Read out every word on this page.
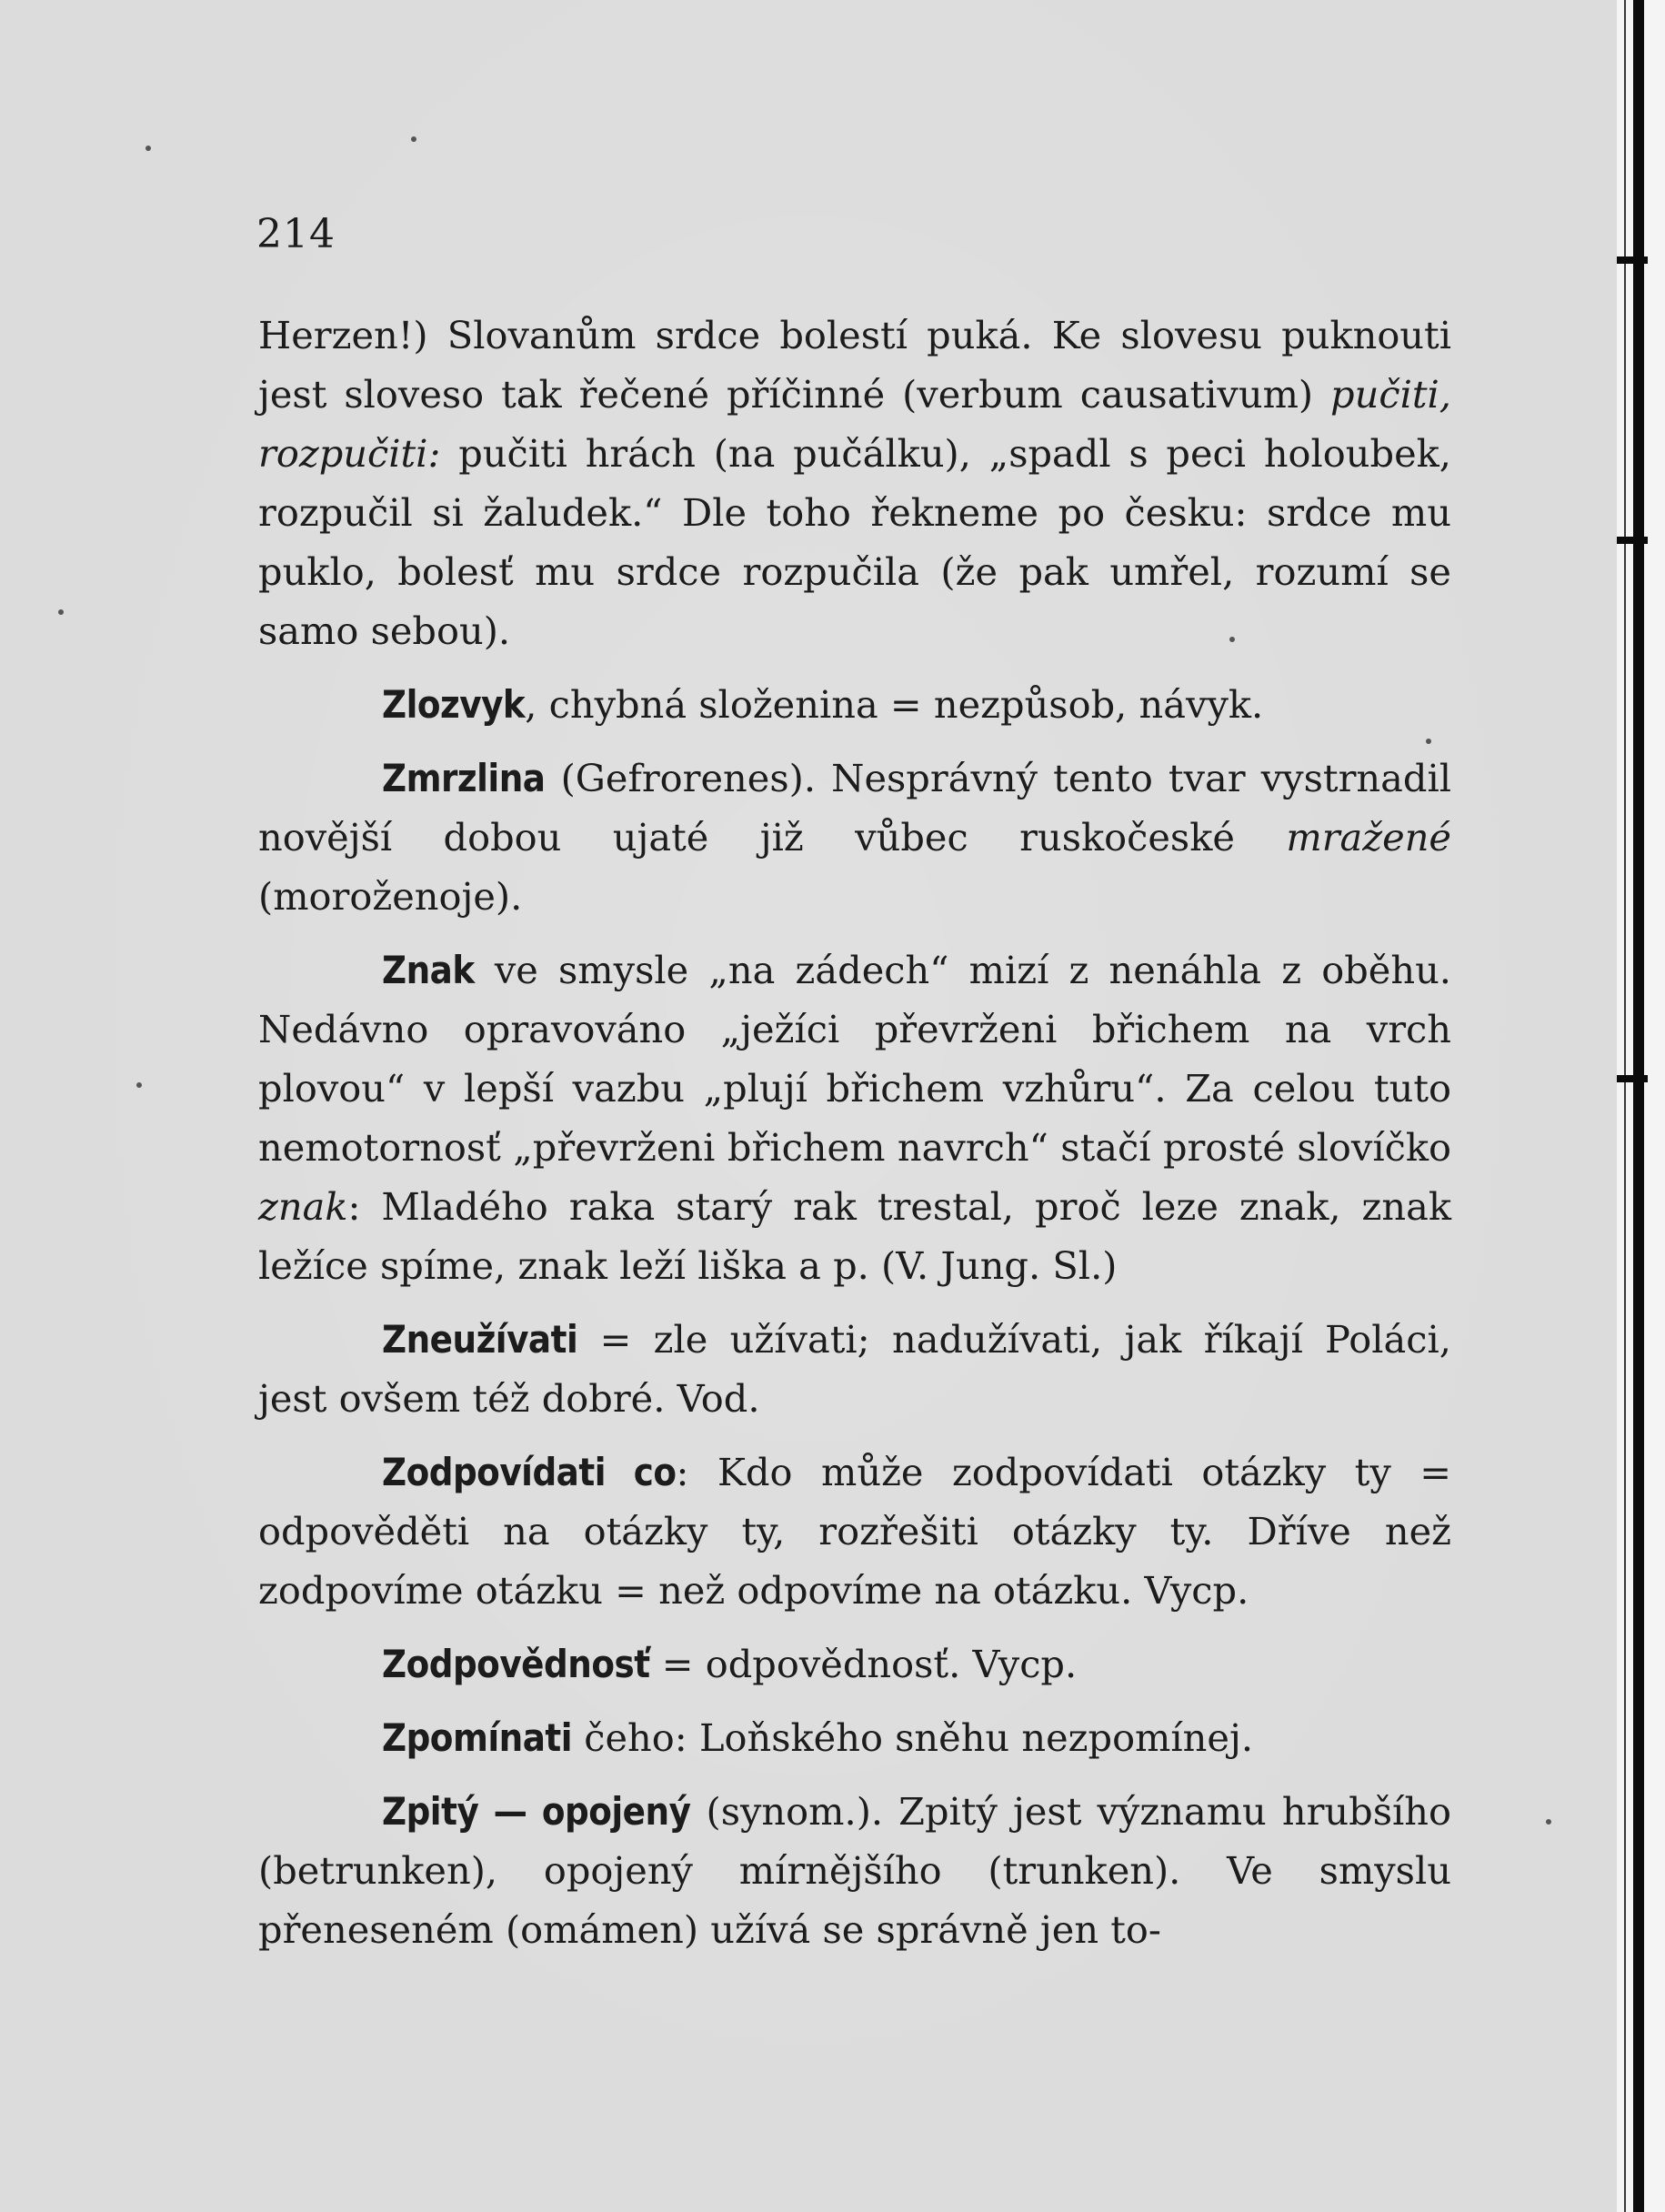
214

Herzen!) Slovanům srdce bolestí puká. Ke slovesu puknouti jest sloveso tak řečené příčinné (verbum causativum) pučiti, rozpučiti: pučiti hrách (na pučálku), „spadl s peci holoubek, rozpučil si žaludek.“ Dle toho řekneme po česku: srdce mu puklo, bolesť mu srdce rozpučila (že pak umřel, rozumí se samo sebou).

Zlozvyk, chybná složenina = nezpůsob, návyk.

Zmrzlina (Gefrorenes). Nesprávný tento tvar vystrnadil novější dobou ujaté již vůbec ruskočeské mražené (moroženoje).

Znak ve smysle „na zádech“ mizí z nenáhla z oběhu. Nedávno opravováno „ježíci převrženi břichem na vrch plovou“ v lepší vazbu „plují břichem vzhůru“. Za celou tuto nemotornosť „převrženi břichem navrch“ stačí prosté slovíčko znak: Mladého raka starý rak trestal, proč leze znak, znak ležíce spíme, znak leží liška a p. (V. Jung. Sl.)

Zneužívati = zle užívati; nadužívati, jak říkají Poláci, jest ovšem též dobré. Vod.

Zodpovídati co: Kdo může zodpovídati otázky ty = odpověděti na otázky ty, rozřešiti otázky ty. Dříve než zodpovíme otázku = než odpovíme na otázku. Vycp.

Zodpovědnosť = odpovědnosť. Vycp.

Zpomínati čeho: Loňského sněhu nezpomínej.

Zpitý — opojený (synom.). Zpitý jest významu hrubšího (betrunken), opojený mírnějšího (trunken). Ve smyslu přeneseném (omámen) užívá se správně jen to-
